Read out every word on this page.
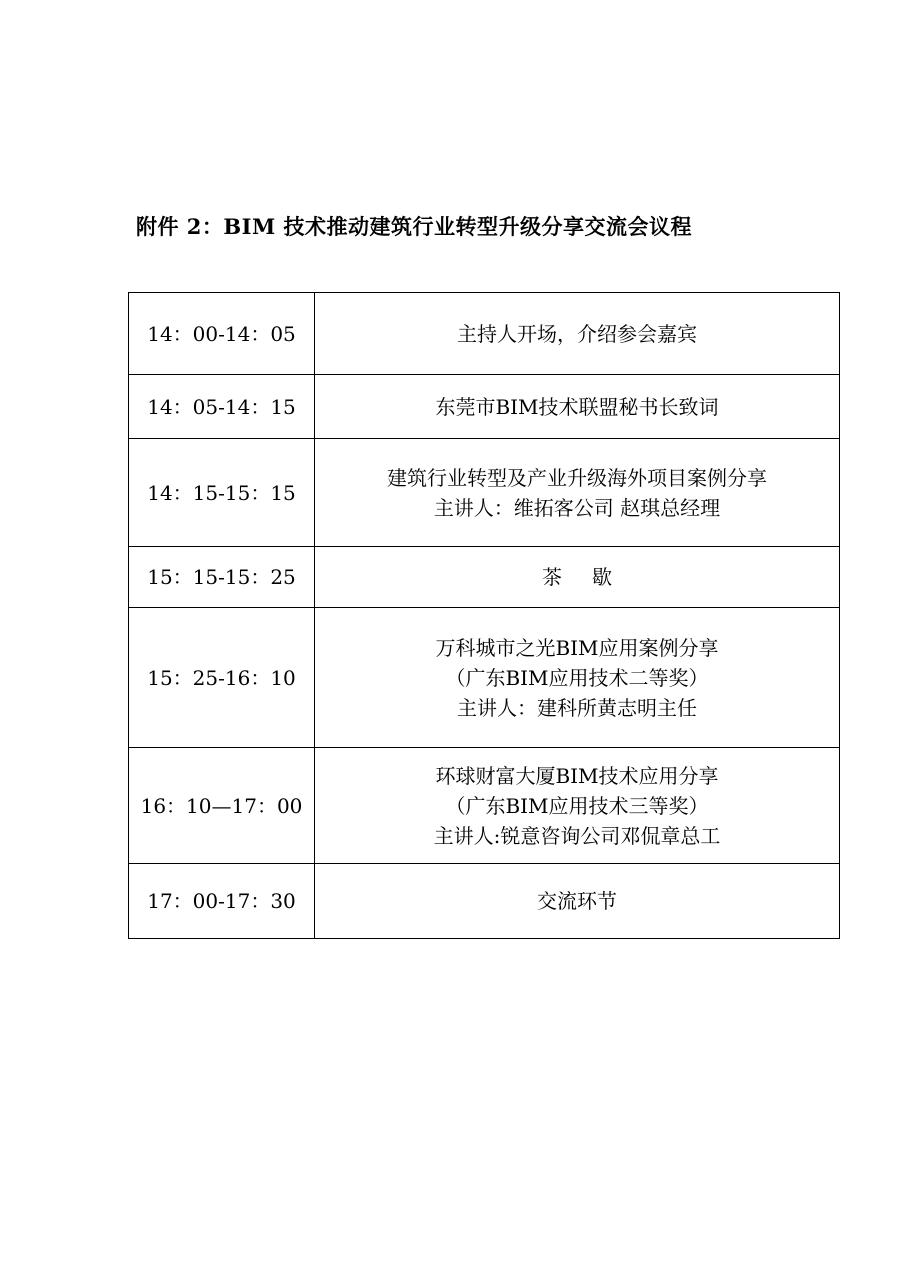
附件 2：BIM 技术推动建筑行业转型升级分享交流会议程
14：00-14：05	主持人开场，介绍参会嘉宾

14：05-14：15	东莞市BIM技术联盟秘书长致词

14：15-15：15	建筑行业转型及产业升级海外项目案例分享
主讲人：维拓客公司 赵琪总经理

15：15-15：25	茶歇

15：25-16：10	万科城市之光BIM应用案例分享
（广东BIM应用技术二等奖）
主讲人：建科所黄志明主任

16：10—17：00	环球财富大厦BIM技术应用分享
（广东BIM应用技术三等奖）
主讲人:锐意咨询公司邓侃章总工

17：00-17：30	交流环节
